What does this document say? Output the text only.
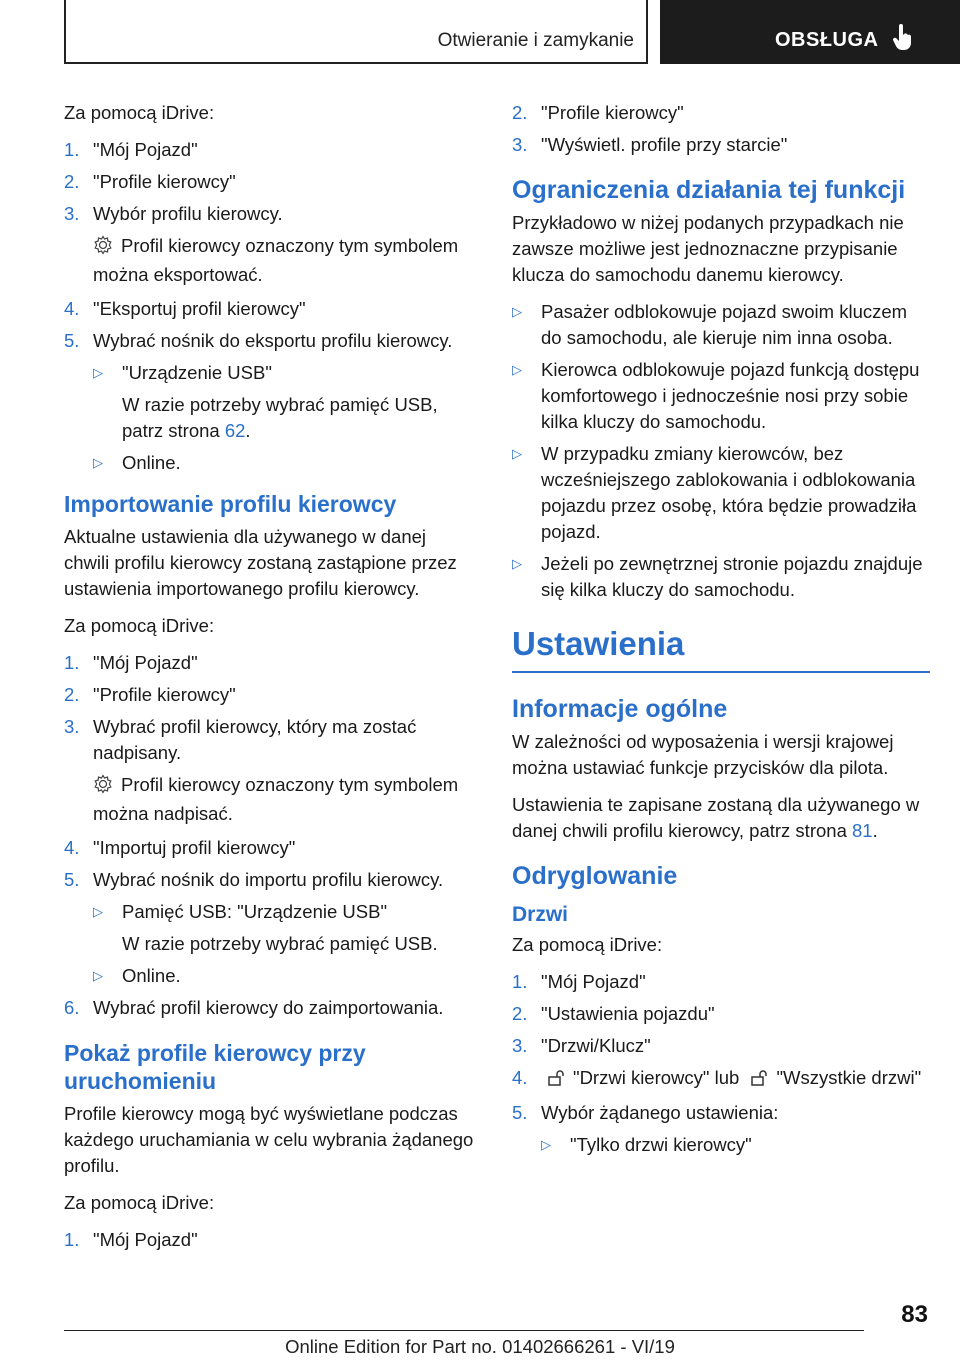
Otwieranie i zamykanie	OBSŁUGA

Za pomocą iDrive:

1. "Mój Pojazd"
2. "Profile kierowcy"
3. Wybór profilu kierowcy.
Profil kierowcy oznaczony tym symbolem można eksportować.
4. "Eksportuj profil kierowcy"
5. Wybrać nośnik do eksportu profilu kierowcy.
▷	"Urządzenie USB"
W razie potrzeby wybrać pamięć USB, patrz strona 62.
▷	Online.
Importowanie profilu kierowcy

Aktualne ustawienia dla używanego w danej chwili profilu kierowcy zostaną zastąpione przez ustawienia importowanego profilu kierowcy.

Za pomocą iDrive:

1. "Mój Pojazd"
2. "Profile kierowcy"
3. Wybrać profil kierowcy, który ma zostać nadpisany.
Profil kierowcy oznaczony tym symbolem można nadpisać.
4. "Importuj profil kierowcy"
5. Wybrać nośnik do importu profilu kierowcy.
▷	Pamięć USB: "Urządzenie USB"
W razie potrzeby wybrać pamięć USB.
▷	Online.
6. Wybrać profil kierowcy do zaimportowania.
Pokaż profile kierowcy przy uruchomieniu

Profile kierowcy mogą być wyświetlane podczas każdego uruchamiania w celu wybrania żądanego profilu.

Za pomocą iDrive:

1. "Mój Pojazd"
2. "Profile kierowcy"
3. "Wyświetl. profile przy starcie"
Ograniczenia działania tej funkcji

Przykładowo w niżej podanych przypadkach nie zawsze możliwe jest jednoznaczne przypisanie klucza do samochodu danemu kierowcy.

▷	Pasażer odblokowuje pojazd swoim kluczem do samochodu, ale kieruje nim inna osoba.
▷	Kierowca odblokowuje pojazd funkcją dostępu komfortowego i jednocześnie nosi przy sobie kilka kluczy do samochodu.
▷	W przypadku zmiany kierowców, bez wcześniejszego zablokowania i odblokowania pojazdu przez osobę, która będzie prowadziła pojazd.
▷	Jeżeli po zewnętrznej stronie pojazdu znajduje się kilka kluczy do samochodu.
Ustawienia
Informacje ogólne

W zależności od wyposażenia i wersji krajowej można ustawiać funkcje przycisków dla pilota.

Ustawienia te zapisane zostaną dla używanego w danej chwili profilu kierowcy, patrz strona 81.

Odryglowanie
Drzwi

Za pomocą iDrive:

1. "Mój Pojazd"
2. "Ustawienia pojazdu"
3. "Drzwi/Klucz"
4.	"Drzwi kierowcy" lub "Wszystkie drzwi"
5. Wybór żądanego ustawienia:
▷	"Tylko drzwi kierowcy"
83
Online Edition for Part no. 01402666261 - VI/19
